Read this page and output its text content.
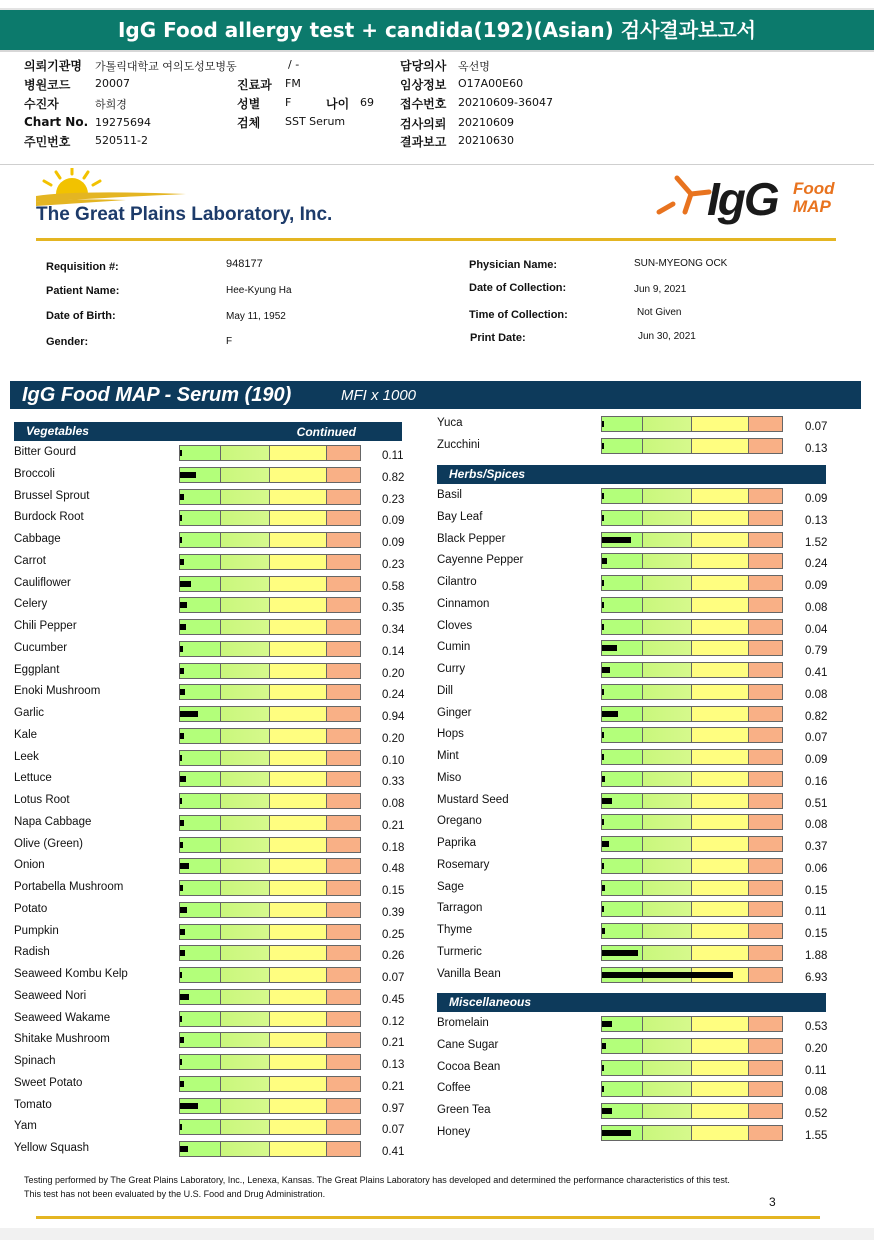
IgG Food allergy test + candida(192)(Asian) 검사결과보고서
의뢰기관명 가톨릭대학교 여의도성모병동	/ -	담당의사 옥선명
병원코드 20007	진료과 FM	임상정보 O17A00E60
수진자	하희경	성별 F	나이 69 접수번호 20210609-36047
Chart No. 19275694	검체 SST Serum	검사의뢰 20210609
주민번호 520511-2	결과보고 20210630
The Great Plains Laboratory, Inc.	IgG Food
MAP
Requisition #:	948177
Patient Name:	Hee-Kyung Ha
Date of Birth:	May 11, 1952
Gender:	F
Physician Name:	SUN-MYEONG OCK
Date of Collection:	Jun 9, 2021
Time of Collection:	Not Given
Print Date:	Jun 30, 2021
IgG Food MAP - Serum (190)	MFI x 1000
Vegetables	Continued
Herbs/Spices
Miscellaneous
Bitter Gourd	0.11
Broccoli	0.82
Brussel Sprout	0.23
Burdock Root	0.09
Cabbage	0.09
Carrot	0.23
Cauliflower	0.58
Celery	0.35
Chili Pepper	0.34
Cucumber	0.14
Eggplant	0.20
Enoki Mushroom	0.24
Garlic	0.94
Kale	0.20
Leek	0.10
Lettuce	0.33
Lotus Root	0.08
Napa Cabbage	0.21
Olive (Green)	0.18
Onion	0.48
Portabella Mushroom	0.15
Potato	0.39
Pumpkin	0.25
Radish	0.26
Seaweed Kombu Kelp	0.07
Seaweed Nori	0.45
Seaweed Wakame	0.12
Shitake Mushroom	0.21
Spinach	0.13
Sweet Potato	0.21
Tomato	0.97
Yam	0.07
Yellow Squash	0.41
Yuca	0.07
Zucchini	0.13
Basil	0.09
Bay Leaf	0.13
Black Pepper	1.52
Cayenne Pepper	0.24
Cilantro	0.09
Cinnamon	0.08
Cloves	0.04
Cumin	0.79
Curry	0.41
Dill	0.08
Ginger	0.82
Hops	0.07
Mint	0.09
Miso	0.16
Mustard Seed	0.51
Oregano	0.08
Paprika	0.37
Rosemary	0.06
Sage	0.15
Tarragon	0.11
Thyme	0.15
Turmeric	1.88
Vanilla Bean	6.93
Bromelain	0.53
Cane Sugar	0.20
Cocoa Bean	0.11
Coffee	0.08
Green Tea	0.52
Honey	1.55
Testing performed by The Great Plains Laboratory, Inc., Lenexa, Kansas. The Great Plains Laboratory has developed and determined the performance characteristics of this test. This test has not been evaluated by the U.S. Food and Drug Administration.
3
